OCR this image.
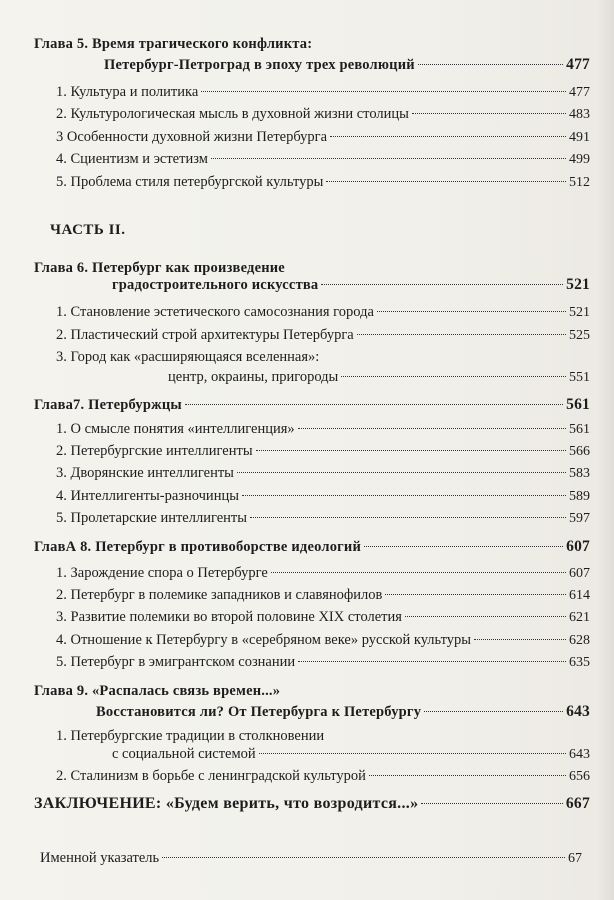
Глава 5. Время трагического конфликта:
Петербург-Петроград в эпоху трех революций	477
1. Культура и политика	477
2. Культурологическая мысль в духовной жизни столицы	483
3 Особенности духовной жизни Петербурга	491
4. Сциентизм и эстетизм	499
5. Проблема стиля петербургской культуры	512
ЧАСТЬ II.
Глава 6. Петербург как произведение
градостроительного искусства	521
1. Становление эстетического самосознания города	521
2. Пластический строй архитектуры Петербурга	525
3. Город как «расширяющаяся вселенная»:
центр, окраины, пригороды	551
Глава7. Петербуржцы	561
1. О смысле понятия «интеллигенция»	561
2. Петербургские интеллигенты	566
3. Дворянские интеллигенты	583
4. Интеллигенты-разночинцы	589
5. Пролетарские интеллигенты	597
ГлавА 8. Петербург в противоборстве идеологий	607
1. Зарождение спора о Петербурге	607
2. Петербург в полемике западников и славянофилов	614
3. Развитие полемики во второй половине XIX столетия	621
4. Отношение к Петербургу в «серебряном веке» русской культуры	628
5. Петербург в эмигрантском сознании	635
Глава 9. «Распалась связь времен...»
Восстановится ли? От Петербурга к Петербургу	643
1. Петербургские традиции в столкновении
с социальной системой	643
2. Сталинизм в борьбе с ленинградской культурой	656
ЗАКЛЮЧЕНИЕ: «Будем верить, что возродится...»	667
Именной указатель	67
